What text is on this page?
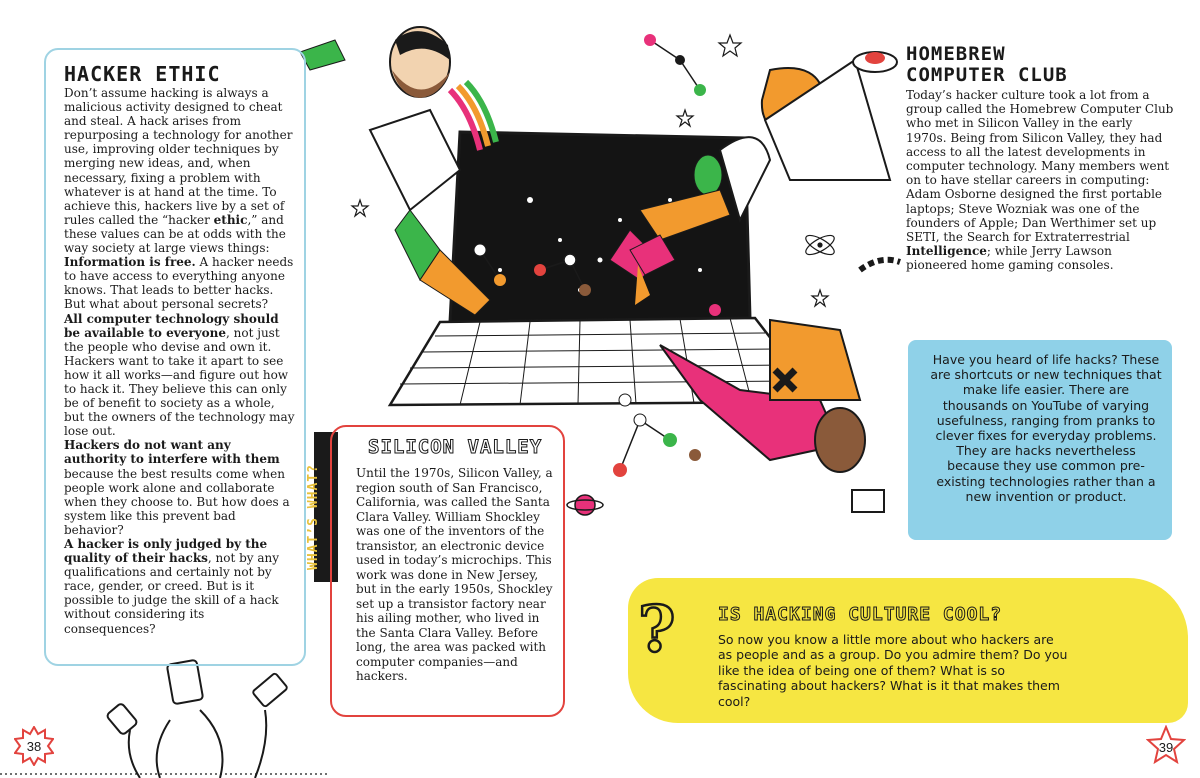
HACKER ETHIC

Don’t assume hacking is always a malicious activity designed to cheat and steal. A hack arises from repurposing a technology for another use, improving older techniques by merging new ideas, and, when necessary, fixing a problem with whatever is at hand at the time. To achieve this, hackers live by a set of rules called the “hacker ethic,” and these values can be at odds with the way society at large views things:

Information is free. A hacker needs to have access to everything anyone knows. That leads to better hacks. But what about personal secrets?

All computer technology should be available to everyone, not just the people who devise and own it. Hackers want to take it apart to see how it all works—and figure out how to hack it. They believe this can only be of benefit to society as a whole, but the owners of the technology may lose out.

Hackers do not want any authority to interfere with them because the best results come when people work alone and collaborate when they choose to. But how does a system like this prevent bad behavior?

A hacker is only judged by the quality of their hacks, not by any qualifications and certainly not by race, gender, or creed. But is it possible to judge the skill of a hack without considering its consequences?

WHAT’S WHAT?
SILICON VALLEY
Until the 1970s, Silicon Valley, a region south of San Francisco, California, was called the Santa Clara Valley. William Shockley was one of the inventors of the transistor, an electronic device used in today’s microchips. This work was done in New Jersey, but in the early 1950s, Shockley set up a transistor factory near his ailing mother, who lived in the Santa Clara Valley. Before long, the area was packed with computer companies—and hackers.
HOMEBREW
COMPUTER CLUB
Today’s hacker culture took a lot from a group called the Homebrew Computer Club who met in Silicon Valley in the early 1970s. Being from Silicon Valley, they had access to all the latest developments in computer technology. Many members went on to have stellar careers in computing: Adam Osborne designed the first portable laptops; Steve Wozniak was one of the founders of Apple; Dan Werthimer set up SETI, the Search for Extraterrestrial Intelligence; while Jerry Lawson pioneered home gaming consoles.
Have you heard of life hacks? These are shortcuts or new techniques that make life easier. There are thousands on YouTube of varying usefulness, ranging from pranks to clever fixes for everyday problems. They are hacks nevertheless because they use common pre-existing technologies rather than a new invention or product.
? IS HACKING CULTURE COOL?
So now you know a little more about who hackers are as people and as a group. Do you admire them? Do you like the idea of being one of them? What is so fascinating about hackers? What is it that makes them cool?
38	39
